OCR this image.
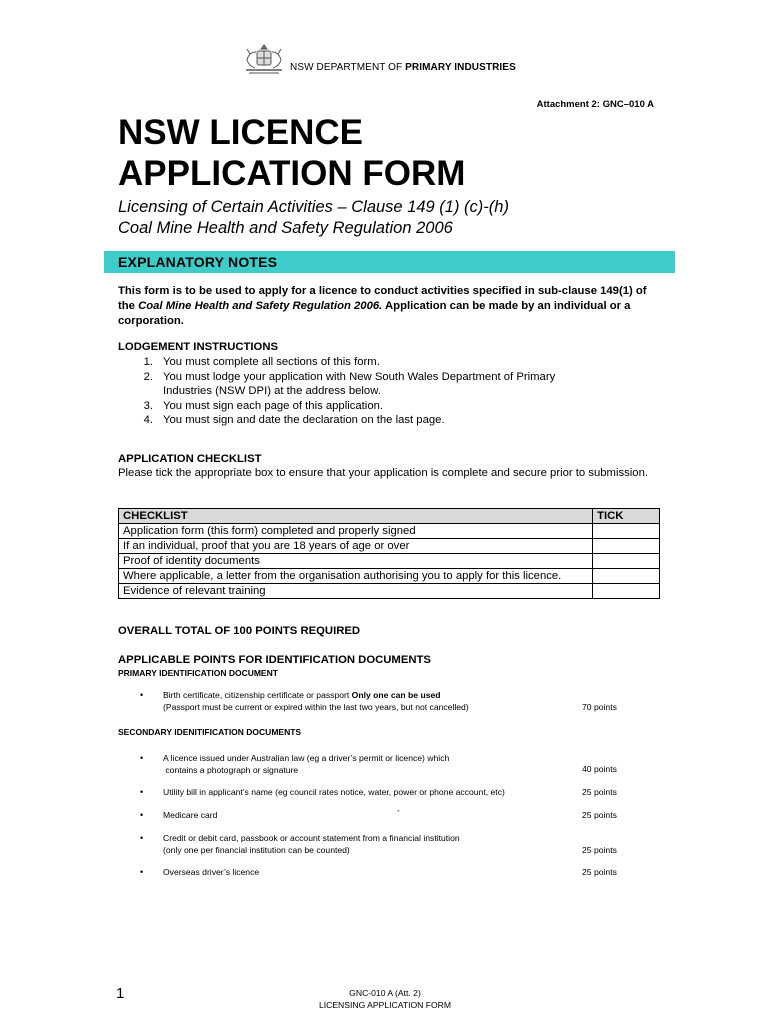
NSW DEPARTMENT OF PRIMARY INDUSTRIES
Attachment 2: GNC–010 A
NSW LICENCE
APPLICATION FORM
Licensing of Certain Activities – Clause 149 (1) (c)-(h)
Coal Mine Health and Safety Regulation 2006
EXPLANATORY NOTES
This form is to be used to apply for a licence to conduct activities specified in sub-clause 149(1) of the Coal Mine Health and Safety Regulation 2006. Application can be made by an individual or a corporation.
LODGEMENT INSTRUCTIONS
1. You must complete all sections of this form.
2. You must lodge your application with New South Wales Department of Primary
Industries (NSW DPI) at the address below.
3. You must sign each page of this application.
4. You must sign and date the declaration on the last page.
APPLICATION CHECKLIST
Please tick the appropriate box to ensure that your application is complete and secure prior to submission.
CHECKLIST	TICK
Application form (this form) completed and properly signed	
If an individual, proof that you are 18 years of age or over	
Proof of identity documents	
Where applicable, a letter from the organisation authorising you to apply for this licence.	
Evidence of relevant training	
OVERALL TOTAL OF 100 POINTS REQUIRED
APPLICABLE POINTS FOR IDENTIFICATION DOCUMENTS
PRIMARY IDENTIFICATION DOCUMENT
• Birth certificate, citizenship certificate or passport Only one can be used
(Passport must be current or expired within the last two years, but not cancelled)	70 points
SECONDARY IDENITIFICATION DOCUMENTS
• A licence issued under Australian law (eg a driver’s permit or licence) which
contains a photograph or signature	40 points
• Utility bill in applicant’s name (eg council rates notice, water, power or phone account, etc)	25 points
• Medicare card	`	25 points
• Credit or debit card, passbook or account statement from a financial institution
(only one per financial institution can be counted)	25 points
• Overseas driver’s licence	25 points
1	GNC-010 A (Att. 2)
LICENSING APPLICATION FORM
